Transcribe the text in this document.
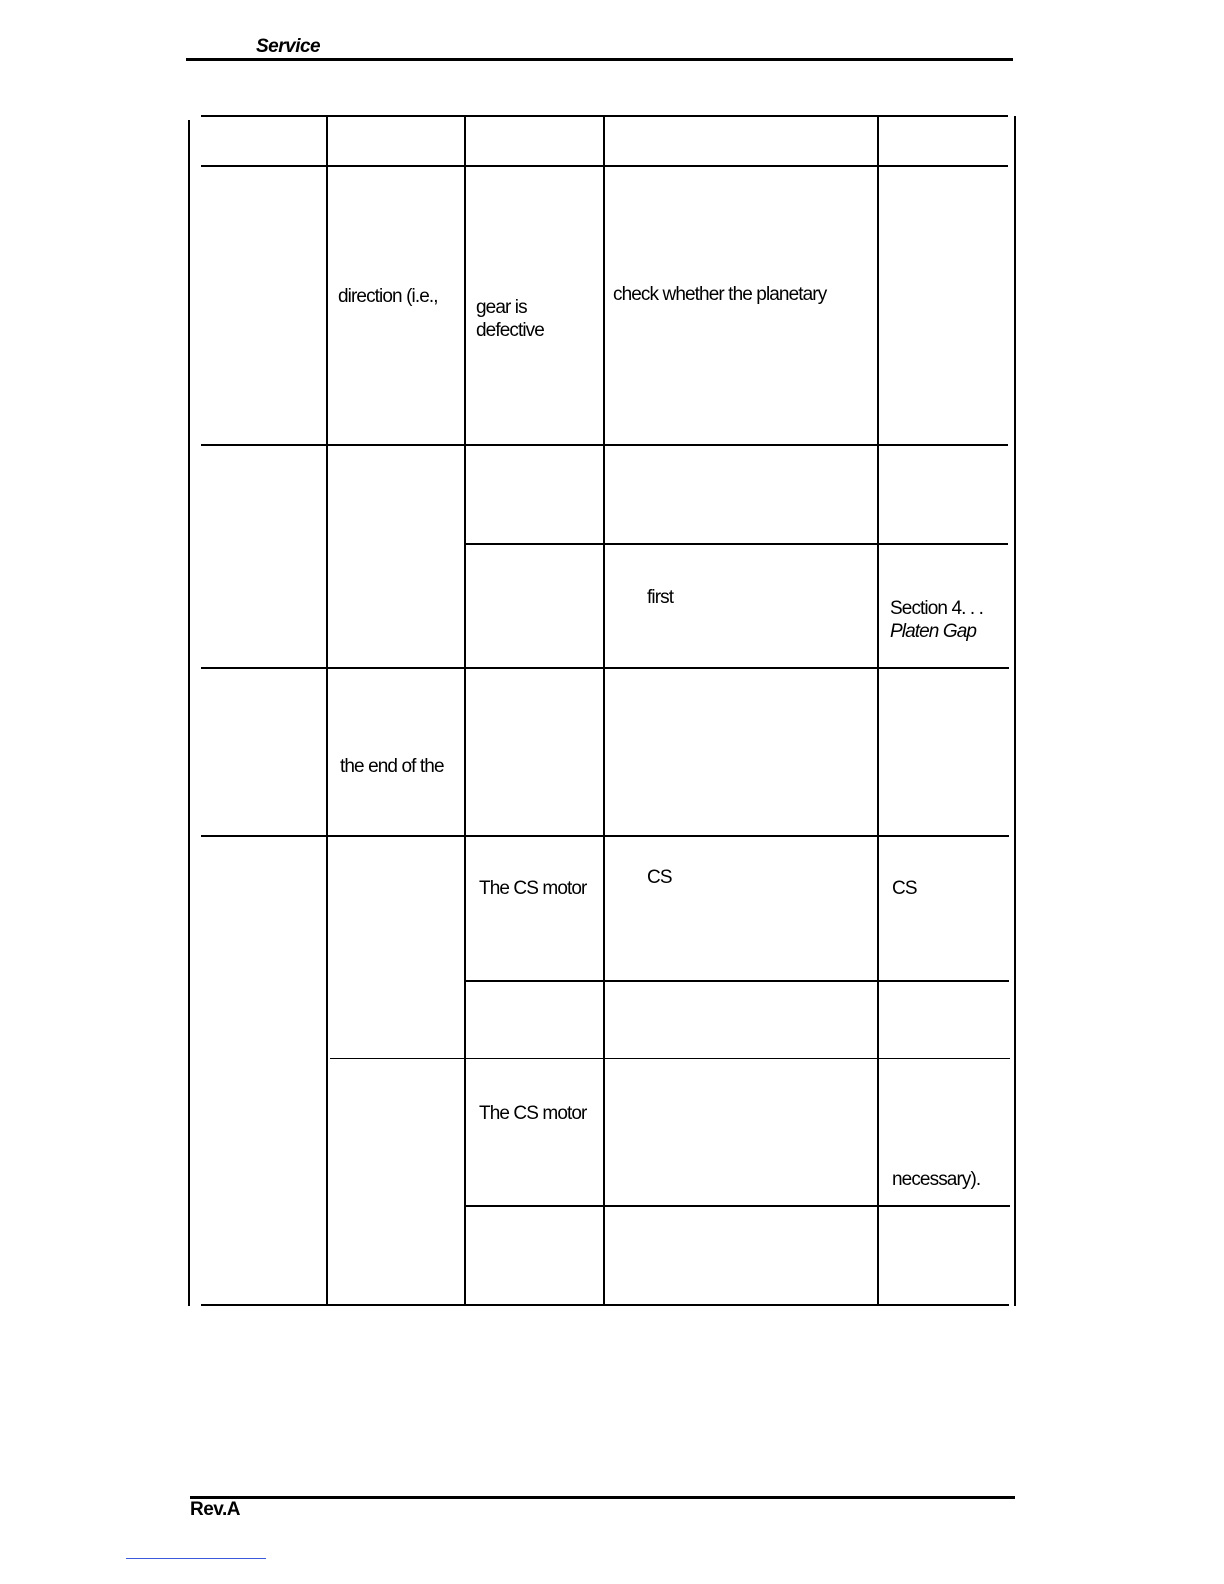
Service
direction (i.e.,
gear is
defective
check whether the planetary
first
Section 4. . .
Platen Gap
the end of the
The CS motor
CS
CS
The CS motor
necessary).
Rev.A
